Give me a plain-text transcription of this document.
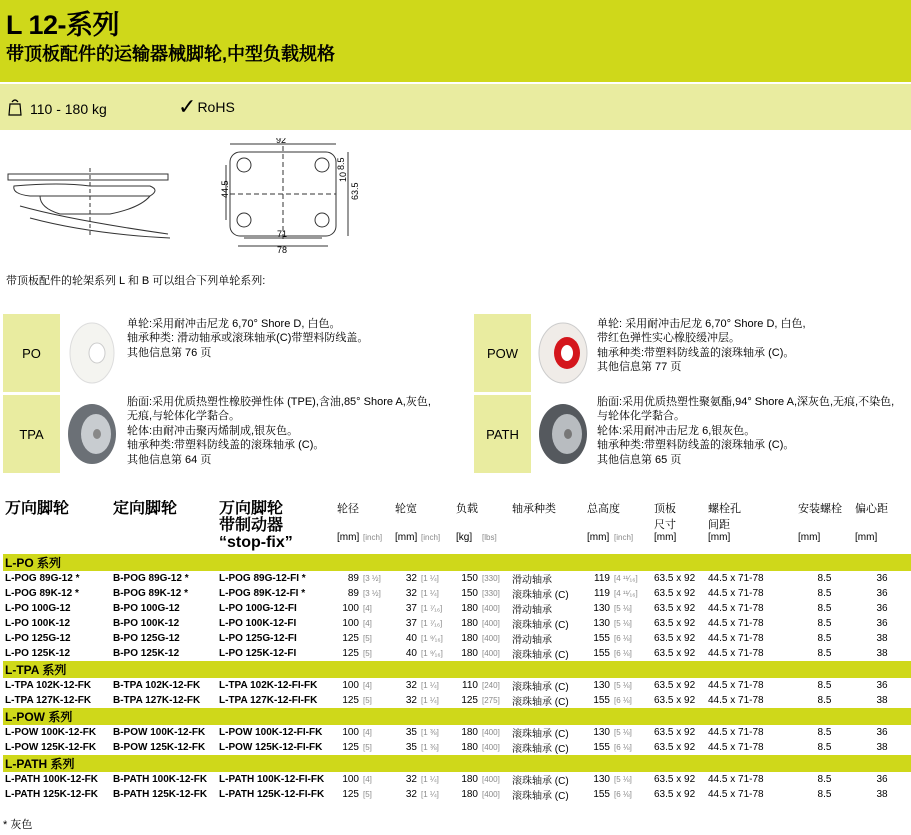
L 12-系列
带顶板配件的运输器械脚轮,中型负载规格
110 - 180 kg	✓ RoHS
92
71
78
44.5	63.5
8.5
10
带顶板配件的轮架系列 L 和 B 可以组合下列单轮系列:
PO
单轮:采用耐冲击尼龙 6,70° Shore D, 白色。
轴承种类: 滑动轴承或滚珠轴承(C)带塑料防线盖。
其他信息第 76 页	POW
单轮: 采用耐冲击尼龙 6,70° Shore D, 白色,
带红色弹性实心橡胶缓冲层。
轴承种类:带塑料防线盖的滚珠轴承 (C)。
其他信息第 77 页
TPA
胎面:采用优质热塑性橡胶弹性体 (TPE),含油,85° Shore A,灰色,
无痕,与轮体化学黏合。
轮体:由耐冲击聚丙烯制成,银灰色。
轴承种类:带塑料防线盖的滚珠轴承 (C)。
其他信息第 64 页
PATH
胎面:采用优质热塑性聚氨酯,94° Shore A,深灰色,无痕,不染色,
与轮体化学黏合。
轮体:采用耐冲击尼龙 6,银灰色。
轴承种类:带塑料防线盖的滚珠轴承 (C)。
其他信息第 65 页
万向脚轮	定向脚轮	万向脚轮
带制动器
“stop-fix”	轮径		轮宽		负载		轴承种类	总高度		顶板	螺栓孔	安装螺栓	偏心距
												尺寸	间距		
			[mm]	[inch]	[mm]	[inch]	[kg]	[lbs]		[mm]	[inch]	[mm]	[mm]	[mm]	[mm]
L-PO 系列															
L-POG 89G-12 *	B-POG 89G-12 *	L-POG 89G-12-FI *	89	[3 ½]	32	[1 ¼]	150	[330]	滑动轴承	119	[4 ¹¹⁄₁₆]	63.5 x 92	44.5 x 71-78	8.5	36
L-POG 89K-12 *	B-POG 89K-12 *	L-POG 89K-12-FI *	89	[3 ½]	32	[1 ¼]	150	[330]	滚珠轴承 (C)	119	[4 ¹¹⁄₁₆]	63.5 x 92	44.5 x 71-78	8.5	36
L-PO 100G-12	B-PO 100G-12	L-PO 100G-12-FI	100	[4]	37	[1 ⁷⁄₁₆]	180	[400]	滑动轴承	130	[5 ⅛]	63.5 x 92	44.5 x 71-78	8.5	36
L-PO 100K-12	B-PO 100K-12	L-PO 100K-12-FI	100	[4]	37	[1 ⁷⁄₁₆]	180	[400]	滚珠轴承 (C)	130	[5 ⅛]	63.5 x 92	44.5 x 71-78	8.5	36
L-PO 125G-12	B-PO 125G-12	L-PO 125G-12-FI	125	[5]	40	[1 ⁹⁄₁₆]	180	[400]	滑动轴承	155	[6 ⅛]	63.5 x 92	44.5 x 71-78	8.5	38
L-PO 125K-12	B-PO 125K-12	L-PO 125K-12-FI	125	[5]	40	[1 ⁹⁄₁₆]	180	[400]	滚珠轴承 (C)	155	[6 ⅛]	63.5 x 92	44.5 x 71-78	8.5	38
L-TPA 系列															
L-TPA 102K-12-FK	B-TPA 102K-12-FK	L-TPA 102K-12-FI-FK	100	[4]	32	[1 ¼]	110	[240]	滚珠轴承 (C)	130	[5 ⅛]	63.5 x 92	44.5 x 71-78	8.5	36
L-TPA 127K-12-FK	B-TPA 127K-12-FK	L-TPA 127K-12-FI-FK	125	[5]	32	[1 ¼]	125	[275]	滚珠轴承 (C)	155	[6 ⅛]	63.5 x 92	44.5 x 71-78	8.5	38
L-POW 系列															
L-POW 100K-12-FK	B-POW 100K-12-FK	L-POW 100K-12-FI-FK	100	[4]	35	[1 ⅜]	180	[400]	滚珠轴承 (C)	130	[5 ⅛]	63.5 x 92	44.5 x 71-78	8.5	36
L-POW 125K-12-FK	B-POW 125K-12-FK	L-POW 125K-12-FI-FK	125	[5]	35	[1 ⅜]	180	[400]	滚珠轴承 (C)	155	[6 ⅛]	63.5 x 92	44.5 x 71-78	8.5	38
L-PATH 系列															
L-PATH 100K-12-FK	B-PATH 100K-12-FK	L-PATH 100K-12-FI-FK	100	[4]	32	[1 ¼]	180	[400]	滚珠轴承 (C)	130	[5 ⅛]	63.5 x 92	44.5 x 71-78	8.5	36
L-PATH 125K-12-FK	B-PATH 125K-12-FK	L-PATH 125K-12-FI-FK	125	[5]	32	[1 ¼]	180	[400]	滚珠轴承 (C)	155	[6 ⅛]	63.5 x 92	44.5 x 71-78	8.5	38
* 灰色
